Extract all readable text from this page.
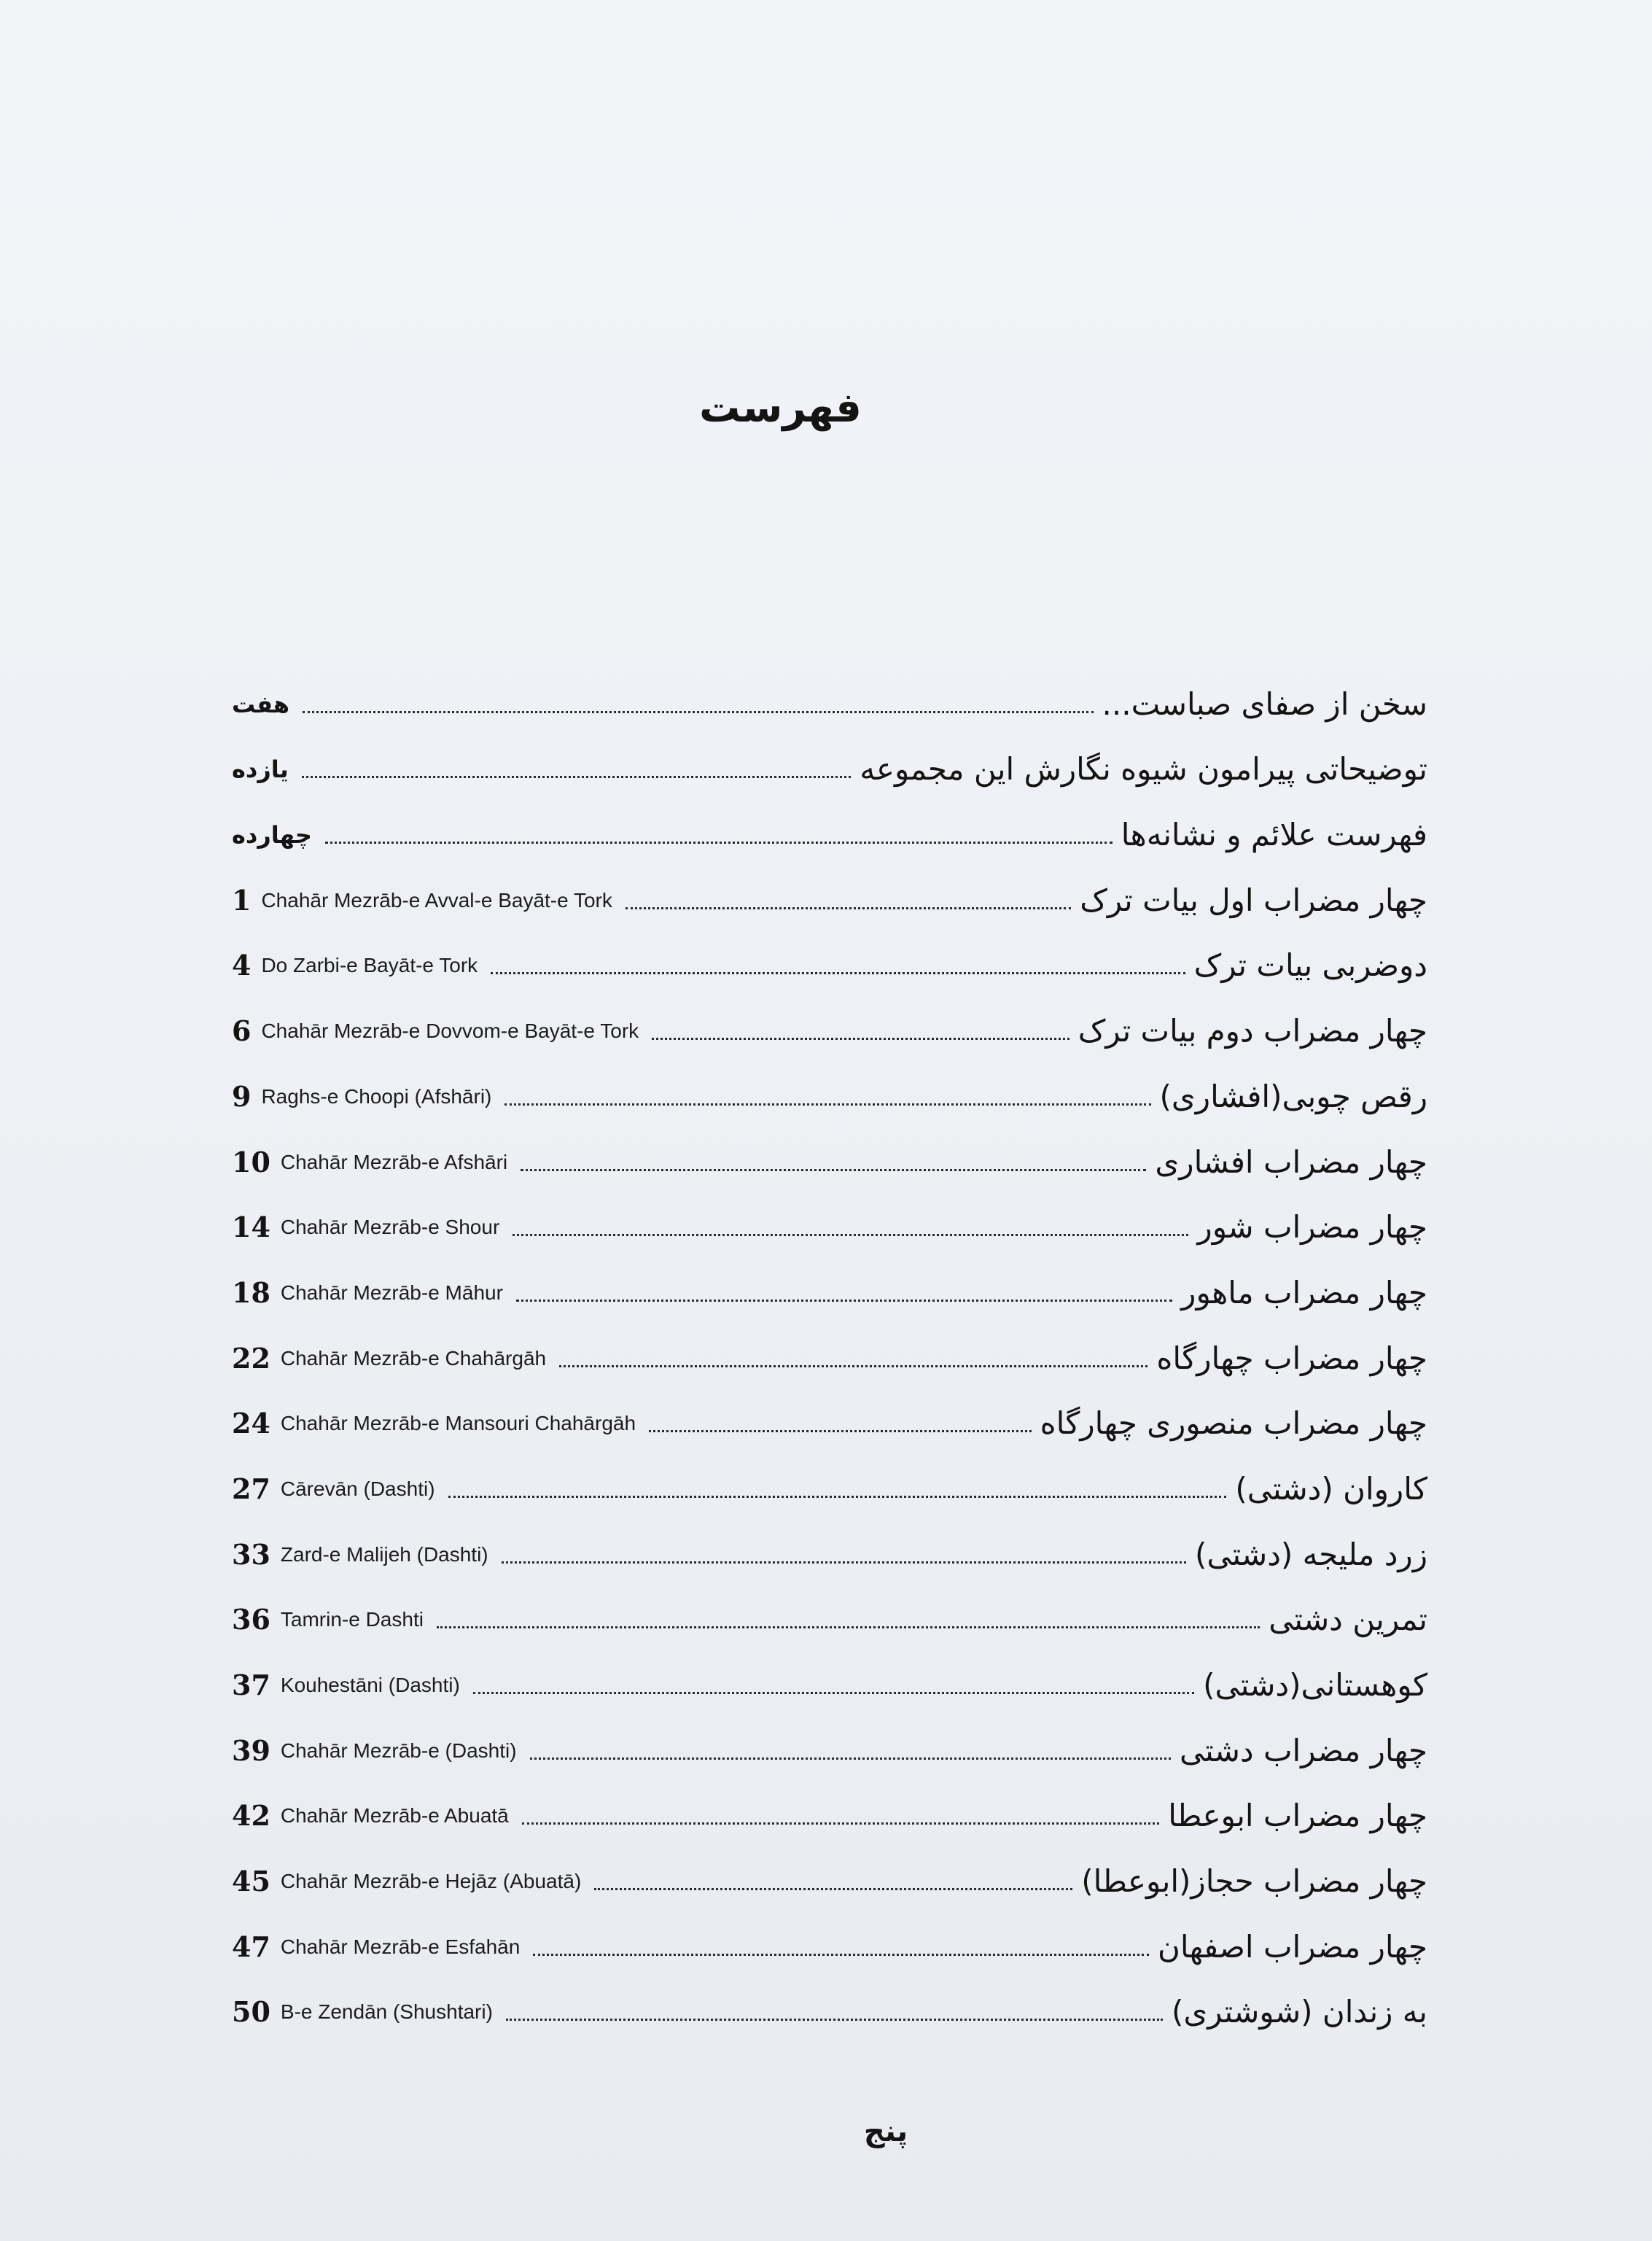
فهرست
هفت	سخن از صفای صباست...
یازده	توضیحاتی پیرامون شیوه نگارش این مجموعه
چهارده	فهرست علائم و نشانه‌ها
1 Chahār Mezrāb-e Avval-e Bayāt-e Tork	چهار مضراب اول بیات ترک
4 Do Zarbi-e Bayāt-e Tork	دوضربی بیات ترک
6 Chahār Mezrāb-e Dovvom-e Bayāt-e Tork	چهار مضراب دوم بیات ترک
9 Raghs-e Choopi (Afshāri)	رقص چوبی(افشاری)
10 Chahār Mezrāb-e Afshāri	چهار مضراب افشاری
14 Chahār Mezrāb-e Shour	چهار مضراب شور
18 Chahār Mezrāb-e Māhur	چهار مضراب ماهور
22 Chahār Mezrāb-e Chahārgāh	چهار مضراب چهارگاه
24 Chahār Mezrāb-e Mansouri Chahārgāh	چهار مضراب منصوری چهارگاه
27 Cārevān (Dashti)	کاروان (دشتی)
33 Zard-e Malijeh (Dashti)	زرد ملیجه (دشتی)
36 Tamrin-e Dashti	تمرین دشتی
37 Kouhestāni (Dashti)	کوهستانی(دشتی)
39 Chahār Mezrāb-e (Dashti)	چهار مضراب دشتی
42 Chahār Mezrāb-e Abuatā	چهار مضراب ابوعطا
45 Chahār Mezrāb-e Hejāz (Abuatā)	چهار مضراب حجاز(ابوعطا)
47 Chahār Mezrāb-e Esfahān	چهار مضراب اصفهان
50 B-e Zendān (Shushtari)	به زندان (شوشتری)
پنج
